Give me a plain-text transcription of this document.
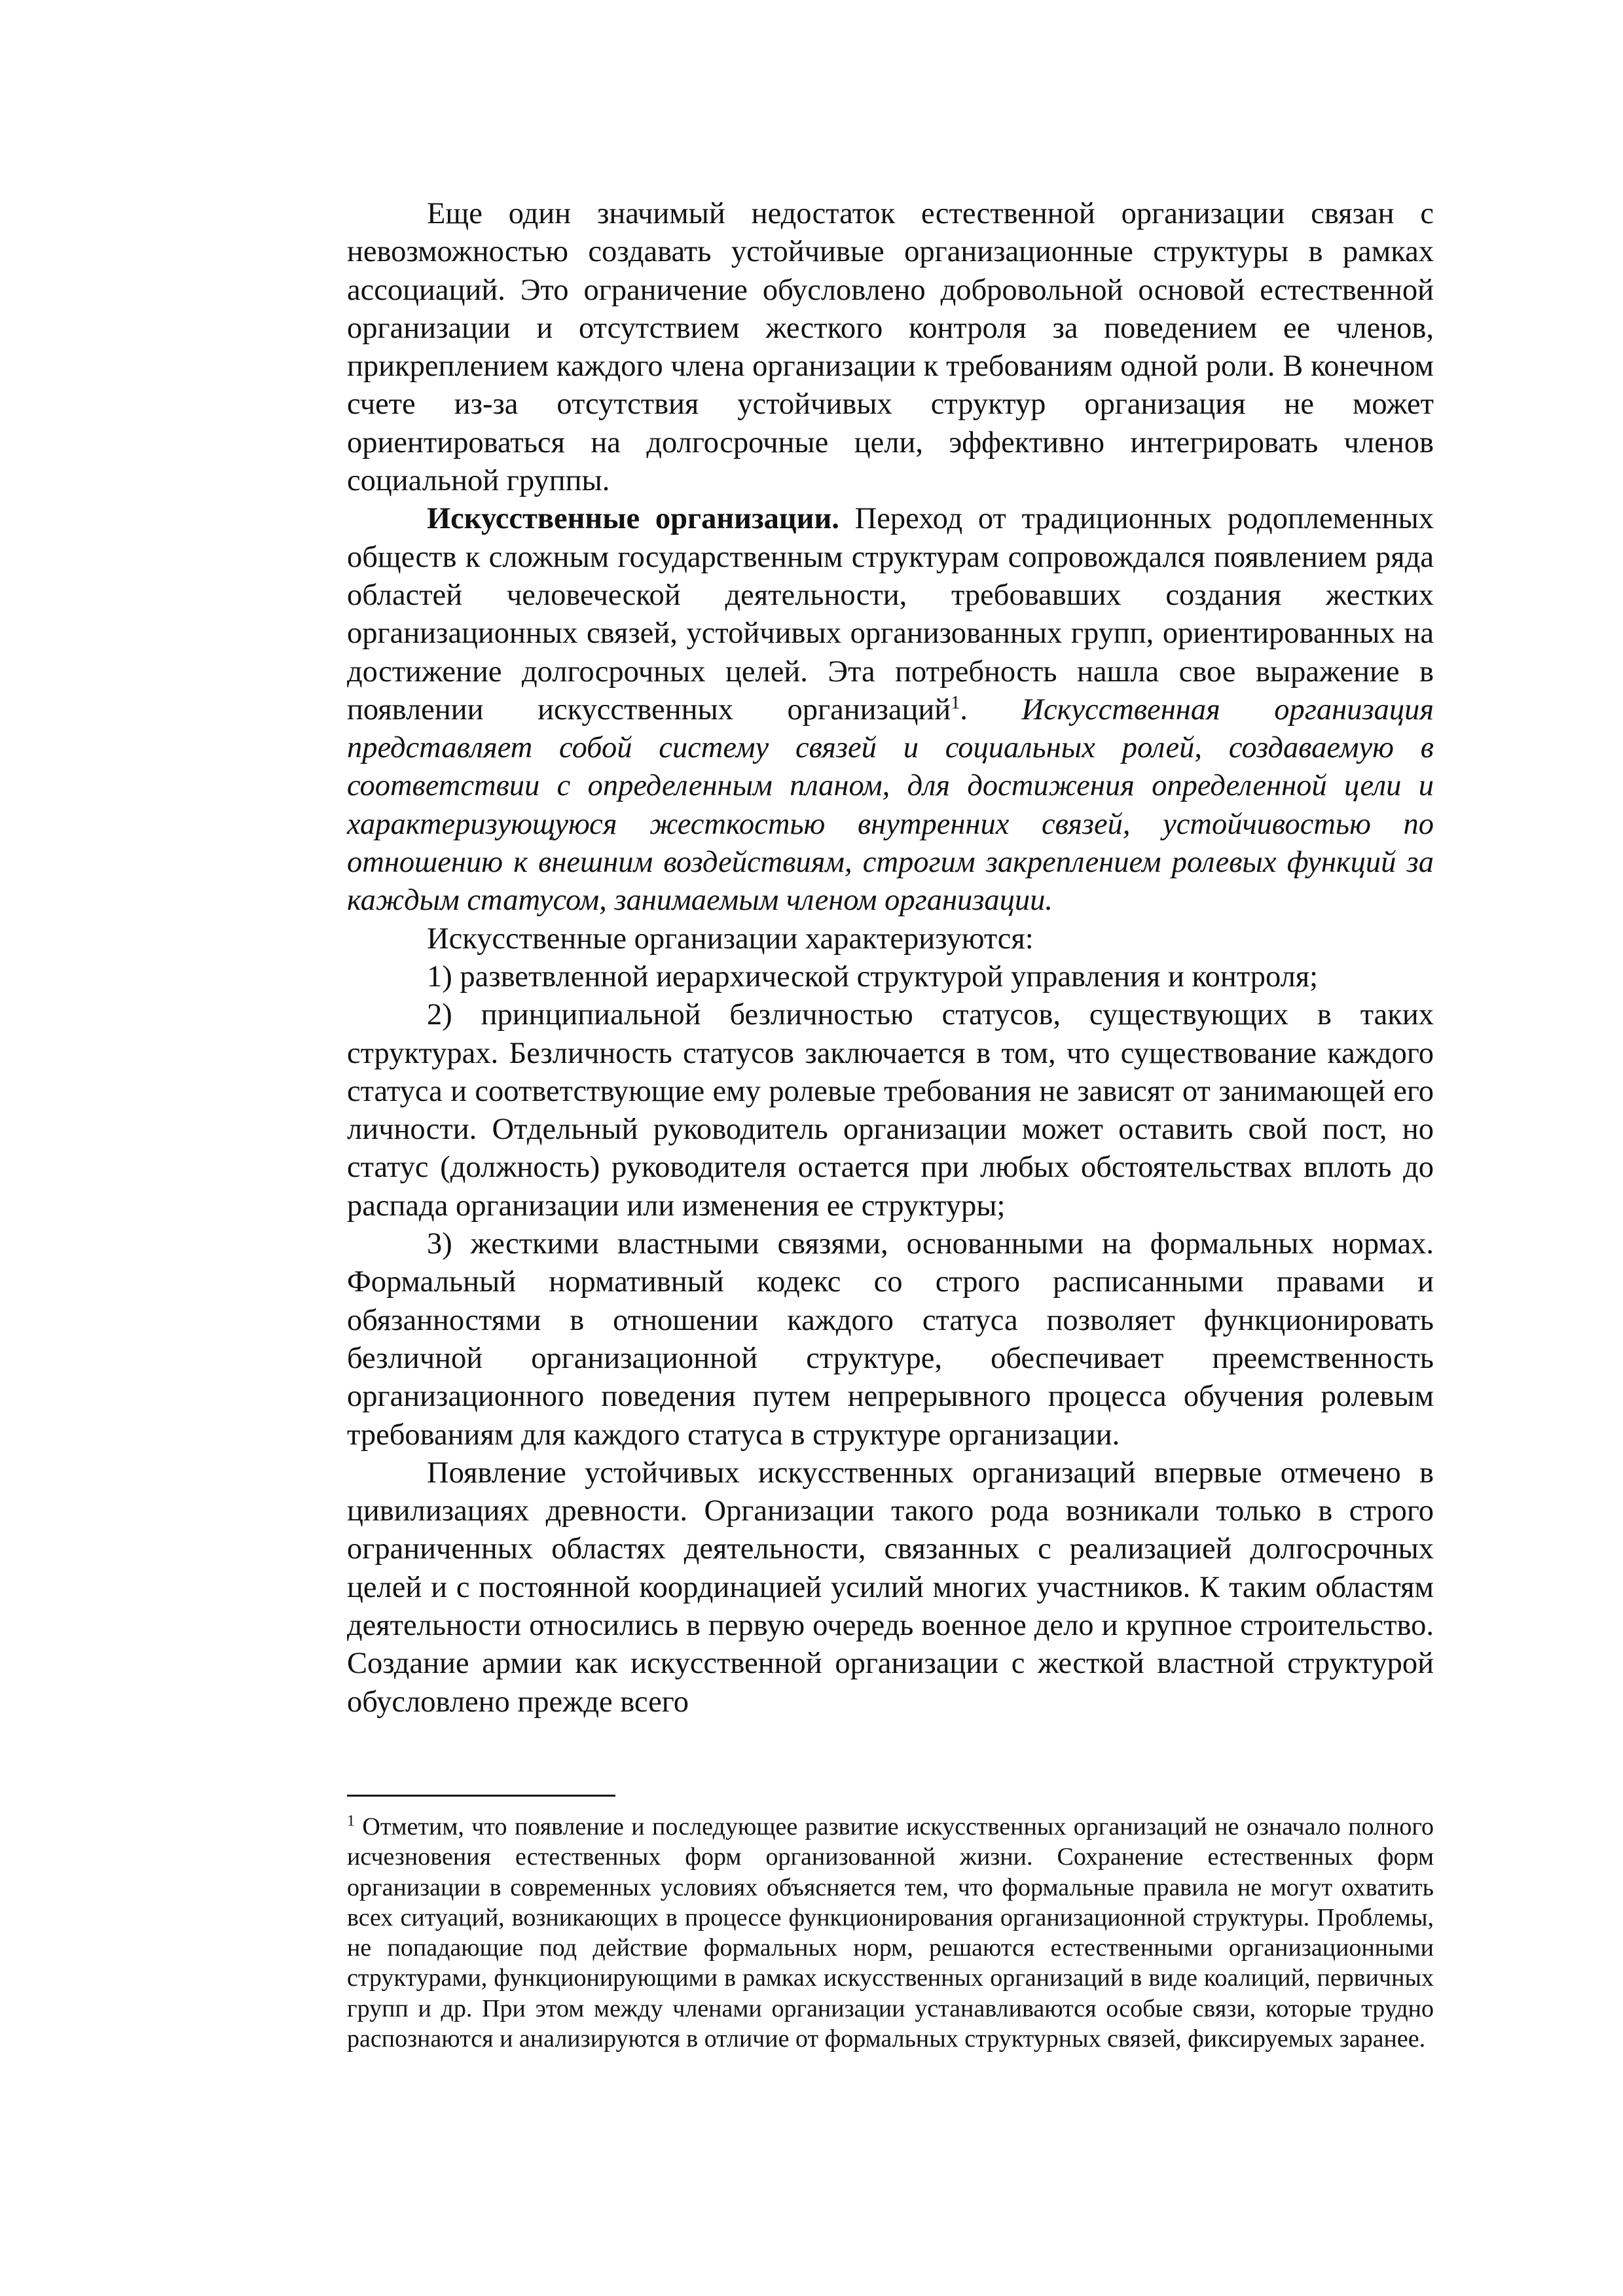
Еще один значимый недостаток естественной организации связан с невозможностью создавать устойчивые организационные структуры в рамках ассоциаций. Это ограничение обусловлено добровольной основой естественной организации и отсутствием жесткого контроля за поведением ее членов, прикреплением каждого члена организации к требованиям одной роли. В конечном счете из-за отсутствия устойчивых структур организация не может ориентироваться на долгосрочные цели, эффективно интегрировать членов социальной группы.

Искусственные организации. Переход от традиционных родоплеменных обществ к сложным государственным структурам сопровождался появлением ряда областей человеческой деятельности, требовавших создания жестких организационных связей, устойчивых организованных групп, ориентированных на достижение долгосрочных целей. Эта потребность нашла свое выражение в появлении искусственных организаций$^1$. Искусственная организация представляет собой систему связей и социальных ролей, создаваемую в соответствии с определенным планом, для достижения определенной цели и характеризующуюся жесткостью внутренних связей, устойчивостью по отношению к внешним воздействиям, строгим закреплением ролевых функций за каждым статусом, занимаемым членом организации.

Искусственные организации характеризуются:

1) разветвленной иерархической структурой управления и контроля;

2) принципиальной безличностью статусов, существующих в таких структурах. Безличность статусов заключается в том, что существование каждого статуса и соответствующие ему ролевые требования не зависят от занимающей его личности. Отдельный руководитель организации может оставить свой пост, но статус (должность) руководителя остается при любых обстоятельствах вплоть до распада организации или изменения ее структуры;

3) жесткими властными связями, основанными на формальных нормах. Формальный нормативный кодекс со строго расписанными правами и обязанностями в отношении каждого статуса позволяет функционировать безличной организационной структуре, обеспечивает преемственность организационного поведения путем непрерывного процесса обучения ролевым требованиям для каждого статуса в структуре организации.

Появление устойчивых искусственных организаций впервые отмечено в цивилизациях древности. Организации такого рода возникали только в строго ограниченных областях деятельности, связанных с реализацией долгосрочных целей и с постоянной координацией усилий многих участников. К таким областям деятельности относились в первую очередь военное дело и крупное строительство. Создание армии как искусственной организации с жесткой властной структурой обусловлено прежде всего

$^1$ Отметим, что появление и последующее развитие искусственных организаций не означало полного исчезновения естественных форм организованной жизни. Сохранение естественных форм организации в современных условиях объясняется тем, что формальные правила не могут охватить всех ситуаций, возникающих в процессе функционирования организационной структуры. Проблемы, не попадающие под действие формальных норм, решаются естественными организационными структурами, функционирующими в рамках искусственных организаций в виде коалиций, первичных групп и др. При этом между членами организации устанавливаются особые связи, которые трудно распознаются и анализируются в отличие от формальных структурных связей, фиксируемых заранее.
